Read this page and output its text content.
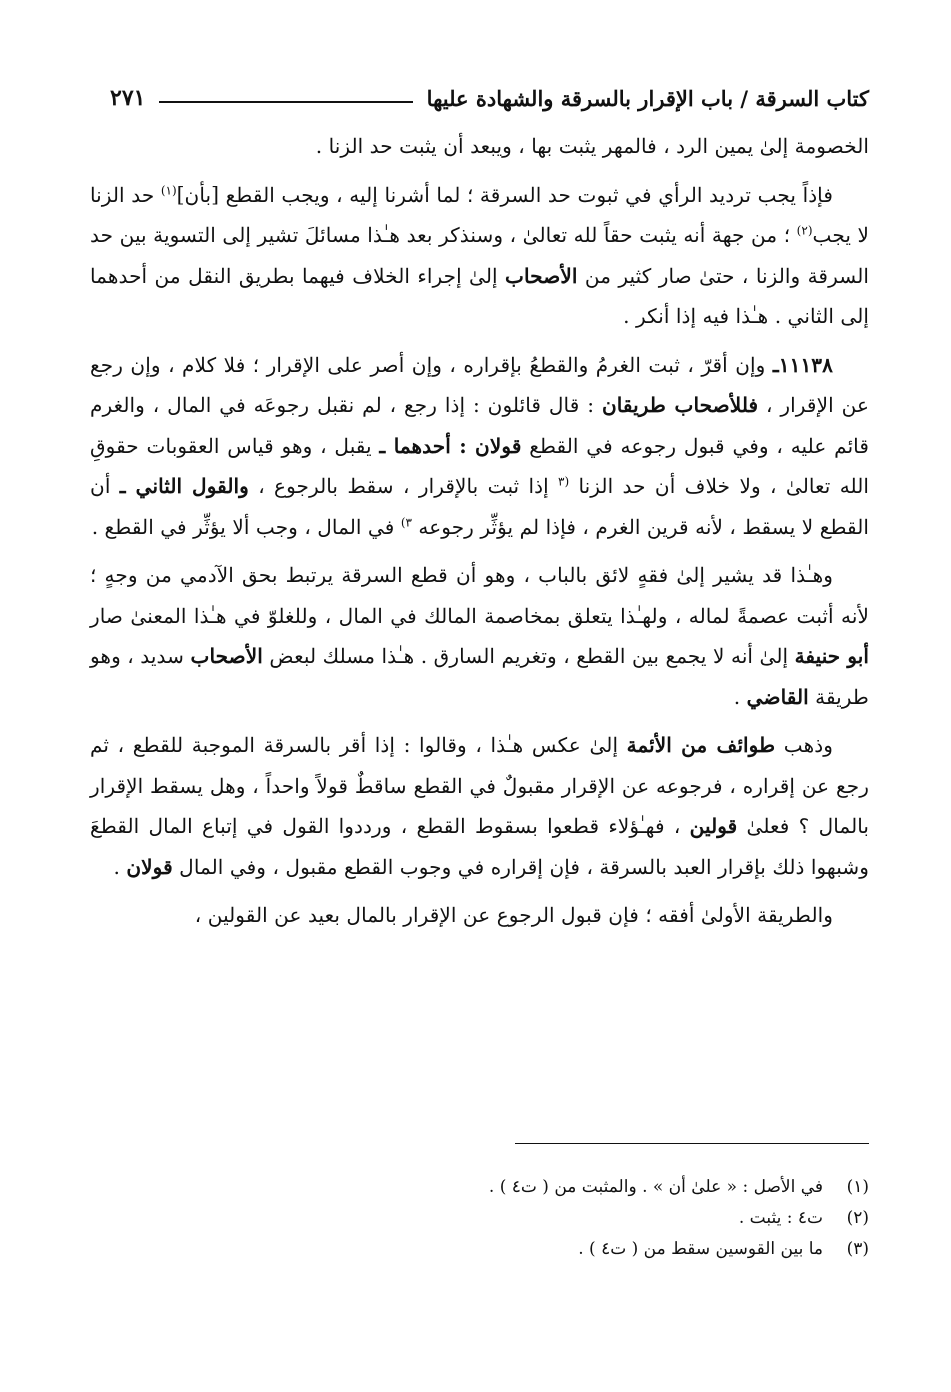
كتاب السرقة / باب الإقرار بالسرقة والشهادة عليها
٢٧١

الخصومة إلىٰ يمين الرد ، فالمهر يثبت بها ، ويبعد أن يثبت حد الزنا .

فإذاً يجب ترديد الرأي في ثبوت حد السرقة ؛ لما أشرنا إليه ، ويجب القطع [بأن]$^{(١)}$ حد الزنا لا يجب$^{(٢)}$ ؛ من جهة أنه يثبت حقاً لله تعالىٰ ، وسنذكر بعد هـٰذا مسائلَ تشير إلى التسوية بين حد السرقة والزنا ، حتىٰ صار كثير من الأصحاب إلىٰ إجراء الخلاف فيهما بطريق النقل من أحدهما إلى الثاني . هـٰذا فيه إذا أنكر .

١١١٣٨ـ وإن أقرّ ، ثبت الغرمُ والقطعُ بإقراره ، وإن أصر على الإقرار ؛ فلا كلام ، وإن رجع عن الإقرار ، فللأصحاب طريقان : قال قائلون : إذا رجع ، لم نقبل رجوعَه في المال ، والغرم قائم عليه ، وفي قبول رجوعه في القطع قولان : أحدهما ـ يقبل ، وهو قياس العقوبات حقوقِ الله تعالىٰ ، ولا خلاف أن حد الزنا $^{(٣}$ إذا ثبت بالإقرار ، سقط بالرجوع ، والقول الثاني ـ أن القطع لا يسقط ، لأنه قرين الغرم ، فإذا لم يؤثِّر رجوعه $^{٣)}$ في المال ، وجب ألا يؤثِّر في القطع .

وهـٰذا قد يشير إلىٰ فقهٍ لائق بالباب ، وهو أن قطع السرقة يرتبط بحق الآدمي من وجهٍ ؛ لأنه أثبت عصمةً لماله ، ولهـٰذا يتعلق بمخاصمة المالك في المال ، وللغلوّ في هـٰذا المعنىٰ صار أبو حنيفة إلىٰ أنه لا يجمع بين القطع ، وتغريم السارق . هـٰذا مسلك لبعض الأصحاب سديد ، وهو طريقة القاضي .

وذهب طوائف من الأئمة إلىٰ عكس هـٰذا ، وقالوا : إذا أقر بالسرقة الموجبة للقطع ، ثم رجع عن إقراره ، فرجوعه عن الإقرار مقبولٌ في القطع ساقطٌ قولاً واحداً ، وهل يسقط الإقرار بالمال ؟ فعلىٰ قولين ، فهـٰؤلاء قطعوا بسقوط القطع ، ورددوا القول في إتباع المال القطعَ وشبهوا ذلك بإقرار العبد بالسرقة ، فإن إقراره في وجوب القطع مقبول ، وفي المال قولان .

والطريقة الأولىٰ أفقه ؛ فإن قبول الرجوع عن الإقرار بالمال بعيد عن القولين ،

(١)
في الأصل : « علىٰ أن » . والمثبت من ( ت٤ ) .
(٢)
ت٤ : يثبت .
(٣)
ما بين القوسين سقط من ( ت٤ ) .
